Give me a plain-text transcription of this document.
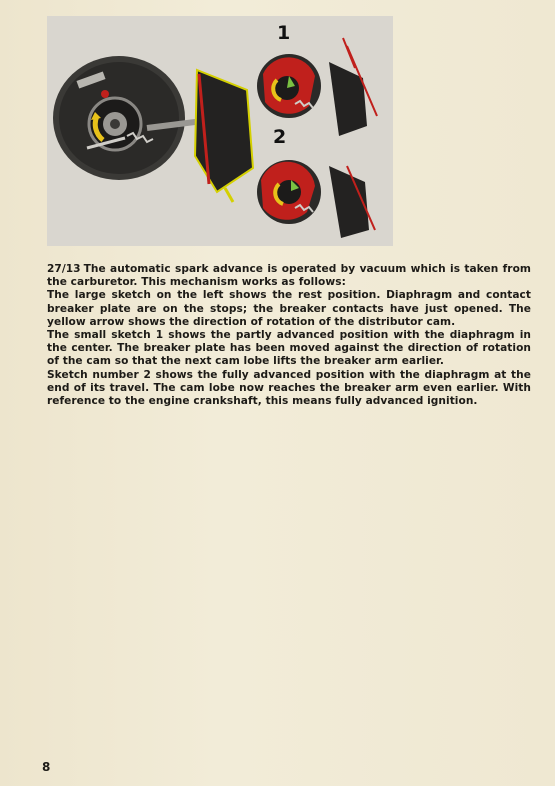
1
2

27/13 The automatic spark advance is operated by vacuum which is taken from the carburetor. This mechanism works as follows:

The large sketch on the left shows the rest position. Diaphragm and contact breaker plate are on the stops; the breaker contacts have just opened. The yellow arrow shows the direction of rotation of the distributor cam.

The small sketch 1 shows the partly advanced position with the diaphragm in the center. The breaker plate has been moved against the direction of rotation of the cam so that the next cam lobe lifts the breaker arm earlier.

Sketch number 2 shows the fully advanced position with the diaphragm at the end of its travel. The cam lobe now reaches the breaker arm even earlier. With reference to the engine crankshaft, this means fully advanced ignition.

8
